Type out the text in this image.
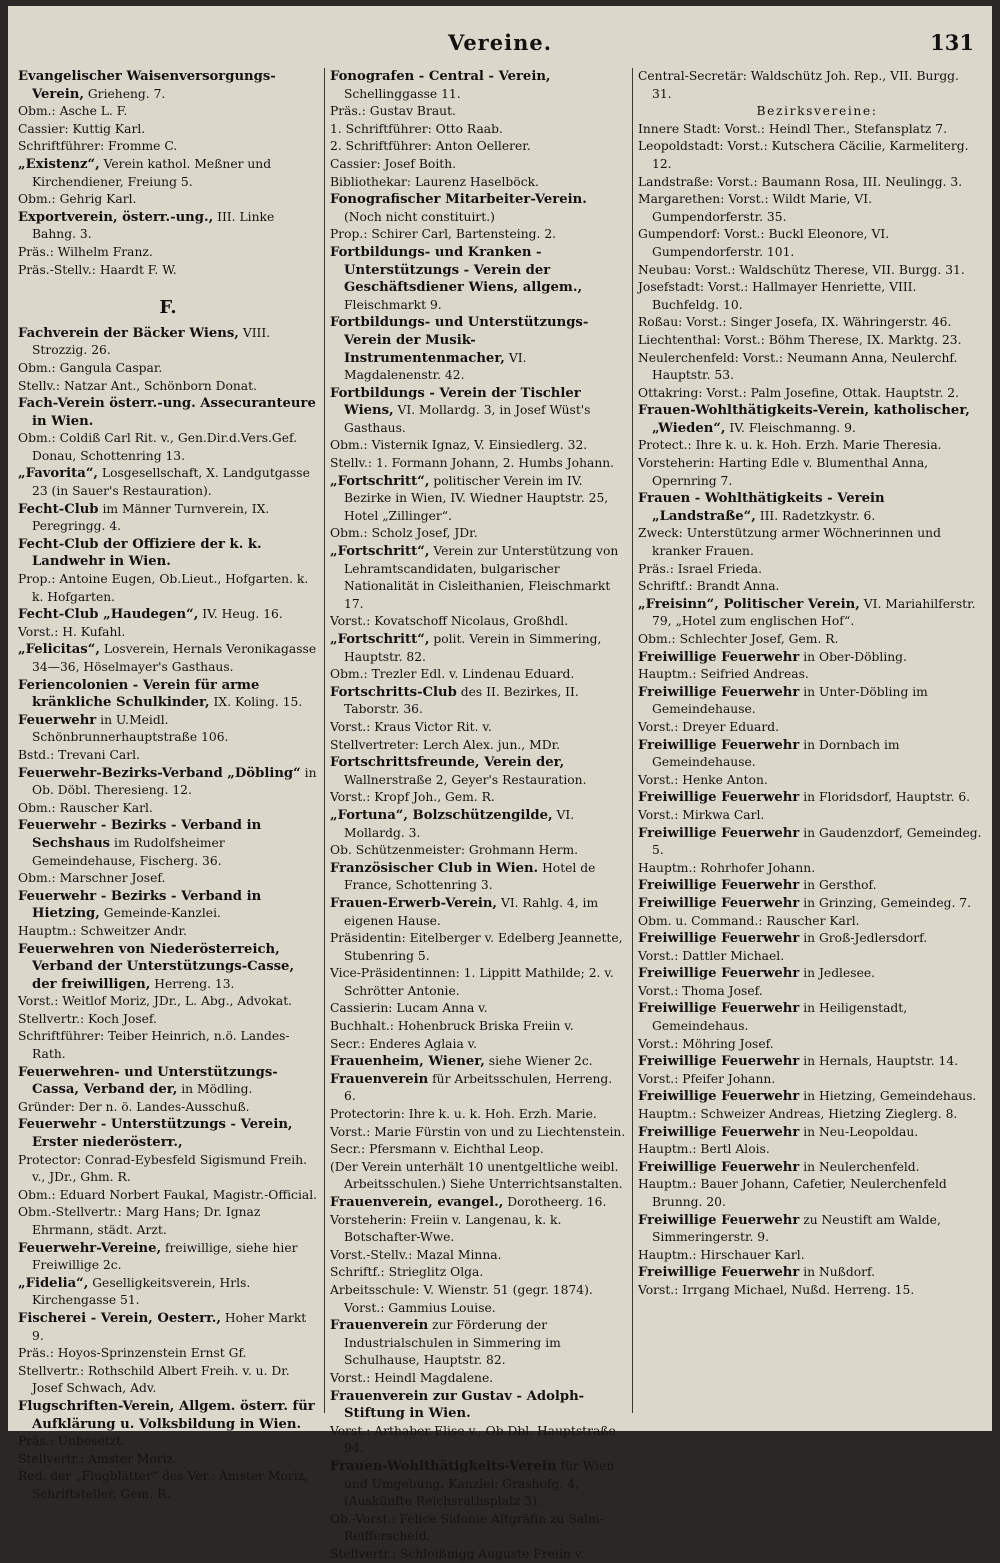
Vereine.	131

Evangelischer Waisenversorgungs-Verein, Grieheng. 7.

Obm.: Asche L. F.

Cassier: Kuttig Karl.

Schriftführer: Fromme C.

„Existenz“, Verein kathol. Meßner und Kirchendiener, Freiung 5.

Obm.: Gehrig Karl.

Exportverein, österr.-ung., III. Linke Bahng. 3.

Präs.: Wilhelm Franz.

Präs.-Stellv.: Haardt F. W.

F.

Fachverein der Bäcker Wiens, VIII. Strozzig. 26.

Obm.: Gangula Caspar.

Stellv.: Natzar Ant., Schönborn Donat.

Fach-Verein österr.-ung. Assecuranteure in Wien.

Obm.: Coldiß Carl Rit. v., Gen.Dir.d.Vers.Gef. Donau, Schottenring 13.

„Favorita“, Losgesellschaft, X. Landgutgasse 23 (in Sauer's Restauration).

Fecht-Club im Männer Turnverein, IX. Peregringg. 4.

Fecht-Club der Offiziere der k. k. Landwehr in Wien.

Prop.: Antoine Eugen, Ob.Lieut., Hofgarten. k. k. Hofgarten.

Fecht-Club „Haudegen“, IV. Heug. 16.

Vorst.: H. Kufahl.

„Felicitas“, Losverein, Hernals Veronikagasse 34—36, Höselmayer's Gasthaus.

Feriencolonien - Verein für arme kränkliche Schulkinder, IX. Koling. 15.

Feuerwehr in U.Meidl. Schönbrunnerhauptstraße 106.

Bstd.: Trevani Carl.

Feuerwehr-Bezirks-Verband „Döbling“ in Ob. Döbl. Theresieng. 12.

Obm.: Rauscher Karl.

Feuerwehr - Bezirks - Verband in Sechshaus im Rudolfsheimer Gemeindehause, Fischerg. 36.

Obm.: Marschner Josef.

Feuerwehr - Bezirks - Verband in Hietzing, Gemeinde-Kanzlei.

Hauptm.: Schweitzer Andr.

Feuerwehren von Niederösterreich, Verband der Unterstützungs-Casse, der freiwilligen, Herreng. 13.

Vorst.: Weitlof Moriz, JDr., L. Abg., Advokat.

Stellvertr.: Koch Josef.

Schriftführer: Teiber Heinrich, n.ö. Landes-Rath.

Feuerwehren- und Unterstützungs-Cassa, Verband der, in Mödling.

Gründer: Der n. ö. Landes-Ausschuß.

Feuerwehr - Unterstützungs - Verein, Erster niederösterr.,

Protector: Conrad-Eybesfeld Sigismund Freih. v., JDr., Ghm. R.

Obm.: Eduard Norbert Faukal, Magistr.-Official.

Obm.-Stellvertr.: Marg Hans; Dr. Ignaz Ehrmann, städt. Arzt.

Feuerwehr-Vereine, freiwillige, siehe hier Freiwillige 2c.

„Fidelia“, Geselligkeitsverein, Hrls. Kirchengasse 51.

Fischerei - Verein, Oesterr., Hoher Markt 9.

Präs.: Hoyos-Sprinzenstein Ernst Gf.

Stellvertr.: Rothschild Albert Freih. v. u. Dr. Josef Schwach, Adv.

Flugschriften-Verein, Allgem. österr. für Aufklärung u. Volksbildung in Wien.

Präs.: Unbesetzt.

Stellvertr.: Amster Moriz.

Red. der „Flugblätter“ des Ver.: Amster Moriz, Schriftsteller, Gem. R.

Fonografen - Central - Verein, Schellinggasse 11.

Präs.: Gustav Braut.

1. Schriftführer: Otto Raab.

2. Schriftführer: Anton Oellerer.

Cassier: Josef Boith.

Bibliothekar: Laurenz Haselböck.

Fonografischer Mitarbeiter-Verein. (Noch nicht constituirt.)

Prop.: Schirer Carl, Bartensteing. 2.

Fortbildungs- und Kranken - Unterstützungs - Verein der Geschäftsdiener Wiens, allgem., Fleischmarkt 9.

Fortbildungs- und Unterstützungs-Verein der Musik-Instrumentenmacher, VI. Magdalenenstr. 42.

Fortbildungs - Verein der Tischler Wiens, VI. Mollardg. 3, in Josef Wüst's Gasthaus.

Obm.: Visternik Ignaz, V. Einsiedlerg. 32.

Stellv.: 1. Formann Johann, 2. Humbs Johann.

„Fortschritt“, politischer Verein im IV. Bezirke in Wien, IV. Wiedner Hauptstr. 25, Hotel „Zillinger“.

Obm.: Scholz Josef, JDr.

„Fortschritt“, Verein zur Unterstützung von Lehramtscandidaten, bulgarischer Nationalität in Cisleithanien, Fleischmarkt 17.

Vorst.: Kovatschoff Nicolaus, Großhdl.

„Fortschritt“, polit. Verein in Simmering, Hauptstr. 82.

Obm.: Trezler Edl. v. Lindenau Eduard.

Fortschritts-Club des II. Bezirkes, II. Taborstr. 36.

Vorst.: Kraus Victor Rit. v.

Stellvertreter: Lerch Alex. jun., MDr.

Fortschrittsfreunde, Verein der, Wallnerstraße 2, Geyer's Restauration.

Vorst.: Kropf Joh., Gem. R.

„Fortuna“, Bolzschützengilde, VI. Mollardg. 3.

Ob. Schützenmeister: Grohmann Herm.

Französischer Club in Wien. Hotel de France, Schottenring 3.

Frauen-Erwerb-Verein, VI. Rahlg. 4, im eigenen Hause.

Präsidentin: Eitelberger v. Edelberg Jeannette, Stubenring 5.

Vice-Präsidentinnen: 1. Lippitt Mathilde; 2. v. Schrötter Antonie.

Cassierin: Lucam Anna v.

Buchhalt.: Hohenbruck Briska Freiin v.

Secr.: Enderes Aglaia v.

Frauenheim, Wiener, siehe Wiener 2c.

Frauenverein für Arbeitsschulen, Herreng. 6.

Protectorin: Ihre k. u. k. Hoh. Erzh. Marie.

Vorst.: Marie Fürstin von und zu Liechtenstein.

Secr.: Pfersmann v. Eichthal Leop.

(Der Verein unterhält 10 unentgeltliche weibl. Arbeitsschulen.) Siehe Unterrichtsanstalten.

Frauenverein, evangel., Dorotheerg. 16.

Vorsteherin: Freiin v. Langenau, k. k. Botschafter-Wwe.

Vorst.-Stellv.: Mazal Minna.

Schriftf.: Strieglitz Olga.

Arbeitsschule: V. Wienstr. 51 (gegr. 1874). Vorst.: Gammius Louise.

Frauenverein zur Förderung der Industrialschulen in Simmering im Schulhause, Hauptstr. 82.

Vorst.: Heindl Magdalene.

Frauenverein zur Gustav - Adolph-Stiftung in Wien.

Vorst.: Arthaber Elise v., Ob.Dbl. Hauptstraße 94.

Frauen-Wohlthätigkeits-Verein für Wien und Umgebung. Kanzlei: Grashofg. 4, (Auskünfte Reichsrathsplatz 3).

Ob.-Vorst.: Felice Sidonie Altgräfin zu Salm-Reifferscheid.

Stellvertr.: Schloißnigg Auguste Freiin v.

Central-Secretär: Waldschütz Joh. Rep., VII. Burgg. 31.

Bezirksvereine:

Innere Stadt: Vorst.: Heindl Ther., Stefansplatz 7.

Leopoldstadt: Vorst.: Kutschera Cäcilie, Karmeliterg. 12.

Landstraße: Vorst.: Baumann Rosa, III. Neulingg. 3.

Margarethen: Vorst.: Wildt Marie, VI. Gumpendorferstr. 35.

Gumpendorf: Vorst.: Buckl Eleonore, VI. Gumpendorferstr. 101.

Neubau: Vorst.: Waldschütz Therese, VII. Burgg. 31.

Josefstadt: Vorst.: Hallmayer Henriette, VIII. Buchfeldg. 10.

Roßau: Vorst.: Singer Josefa, IX. Währingerstr. 46.

Liechtenthal: Vorst.: Böhm Therese, IX. Marktg. 23.

Neulerchenfeld: Vorst.: Neumann Anna, Neulerchf. Hauptstr. 53.

Ottakring: Vorst.: Palm Josefine, Ottak. Hauptstr. 2.

Frauen-Wohlthätigkeits-Verein, katholischer, „Wieden“, IV. Fleischmanng. 9.

Protect.: Ihre k. u. k. Hoh. Erzh. Marie Theresia.

Vorsteherin: Harting Edle v. Blumenthal Anna, Opernring 7.

Frauen - Wohlthätigkeits - Verein „Landstraße“, III. Radetzkystr. 6.

Zweck: Unterstützung armer Wöchnerinnen und kranker Frauen.

Präs.: Israel Frieda.

Schriftf.: Brandt Anna.

„Freisinn“, Politischer Verein, VI. Mariahilferstr. 79, „Hotel zum englischen Hof“.

Obm.: Schlechter Josef, Gem. R.

Freiwillige Feuerwehr in Ober-Döbling.

Hauptm.: Seifried Andreas.

Freiwillige Feuerwehr in Unter-Döbling im Gemeindehause.

Vorst.: Dreyer Eduard.

Freiwillige Feuerwehr in Dornbach im Gemeindehause.

Vorst.: Henke Anton.

Freiwillige Feuerwehr in Floridsdorf, Hauptstr. 6.

Vorst.: Mirkwa Carl.

Freiwillige Feuerwehr in Gaudenzdorf, Gemeindeg. 5.

Hauptm.: Rohrhofer Johann.

Freiwillige Feuerwehr in Gersthof.

Freiwillige Feuerwehr in Grinzing, Gemeindeg. 7.

Obm. u. Command.: Rauscher Karl.

Freiwillige Feuerwehr in Groß-Jedlersdorf.

Vorst.: Dattler Michael.

Freiwillige Feuerwehr in Jedlesee.

Vorst.: Thoma Josef.

Freiwillige Feuerwehr in Heiligenstadt, Gemeindehaus.

Vorst.: Möhring Josef.

Freiwillige Feuerwehr in Hernals, Hauptstr. 14.

Vorst.: Pfeifer Johann.

Freiwillige Feuerwehr in Hietzing, Gemeindehaus.

Hauptm.: Schweizer Andreas, Hietzing Zieglerg. 8.

Freiwillige Feuerwehr in Neu-Leopoldau.

Hauptm.: Bertl Alois.

Freiwillige Feuerwehr in Neulerchenfeld.

Hauptm.: Bauer Johann, Cafetier, Neulerchenfeld Brunng. 20.

Freiwillige Feuerwehr zu Neustift am Walde, Simmeringerstr. 9.

Hauptm.: Hirschauer Karl.

Freiwillige Feuerwehr in Nußdorf.

Vorst.: Irrgang Michael, Nußd. Herreng. 15.
